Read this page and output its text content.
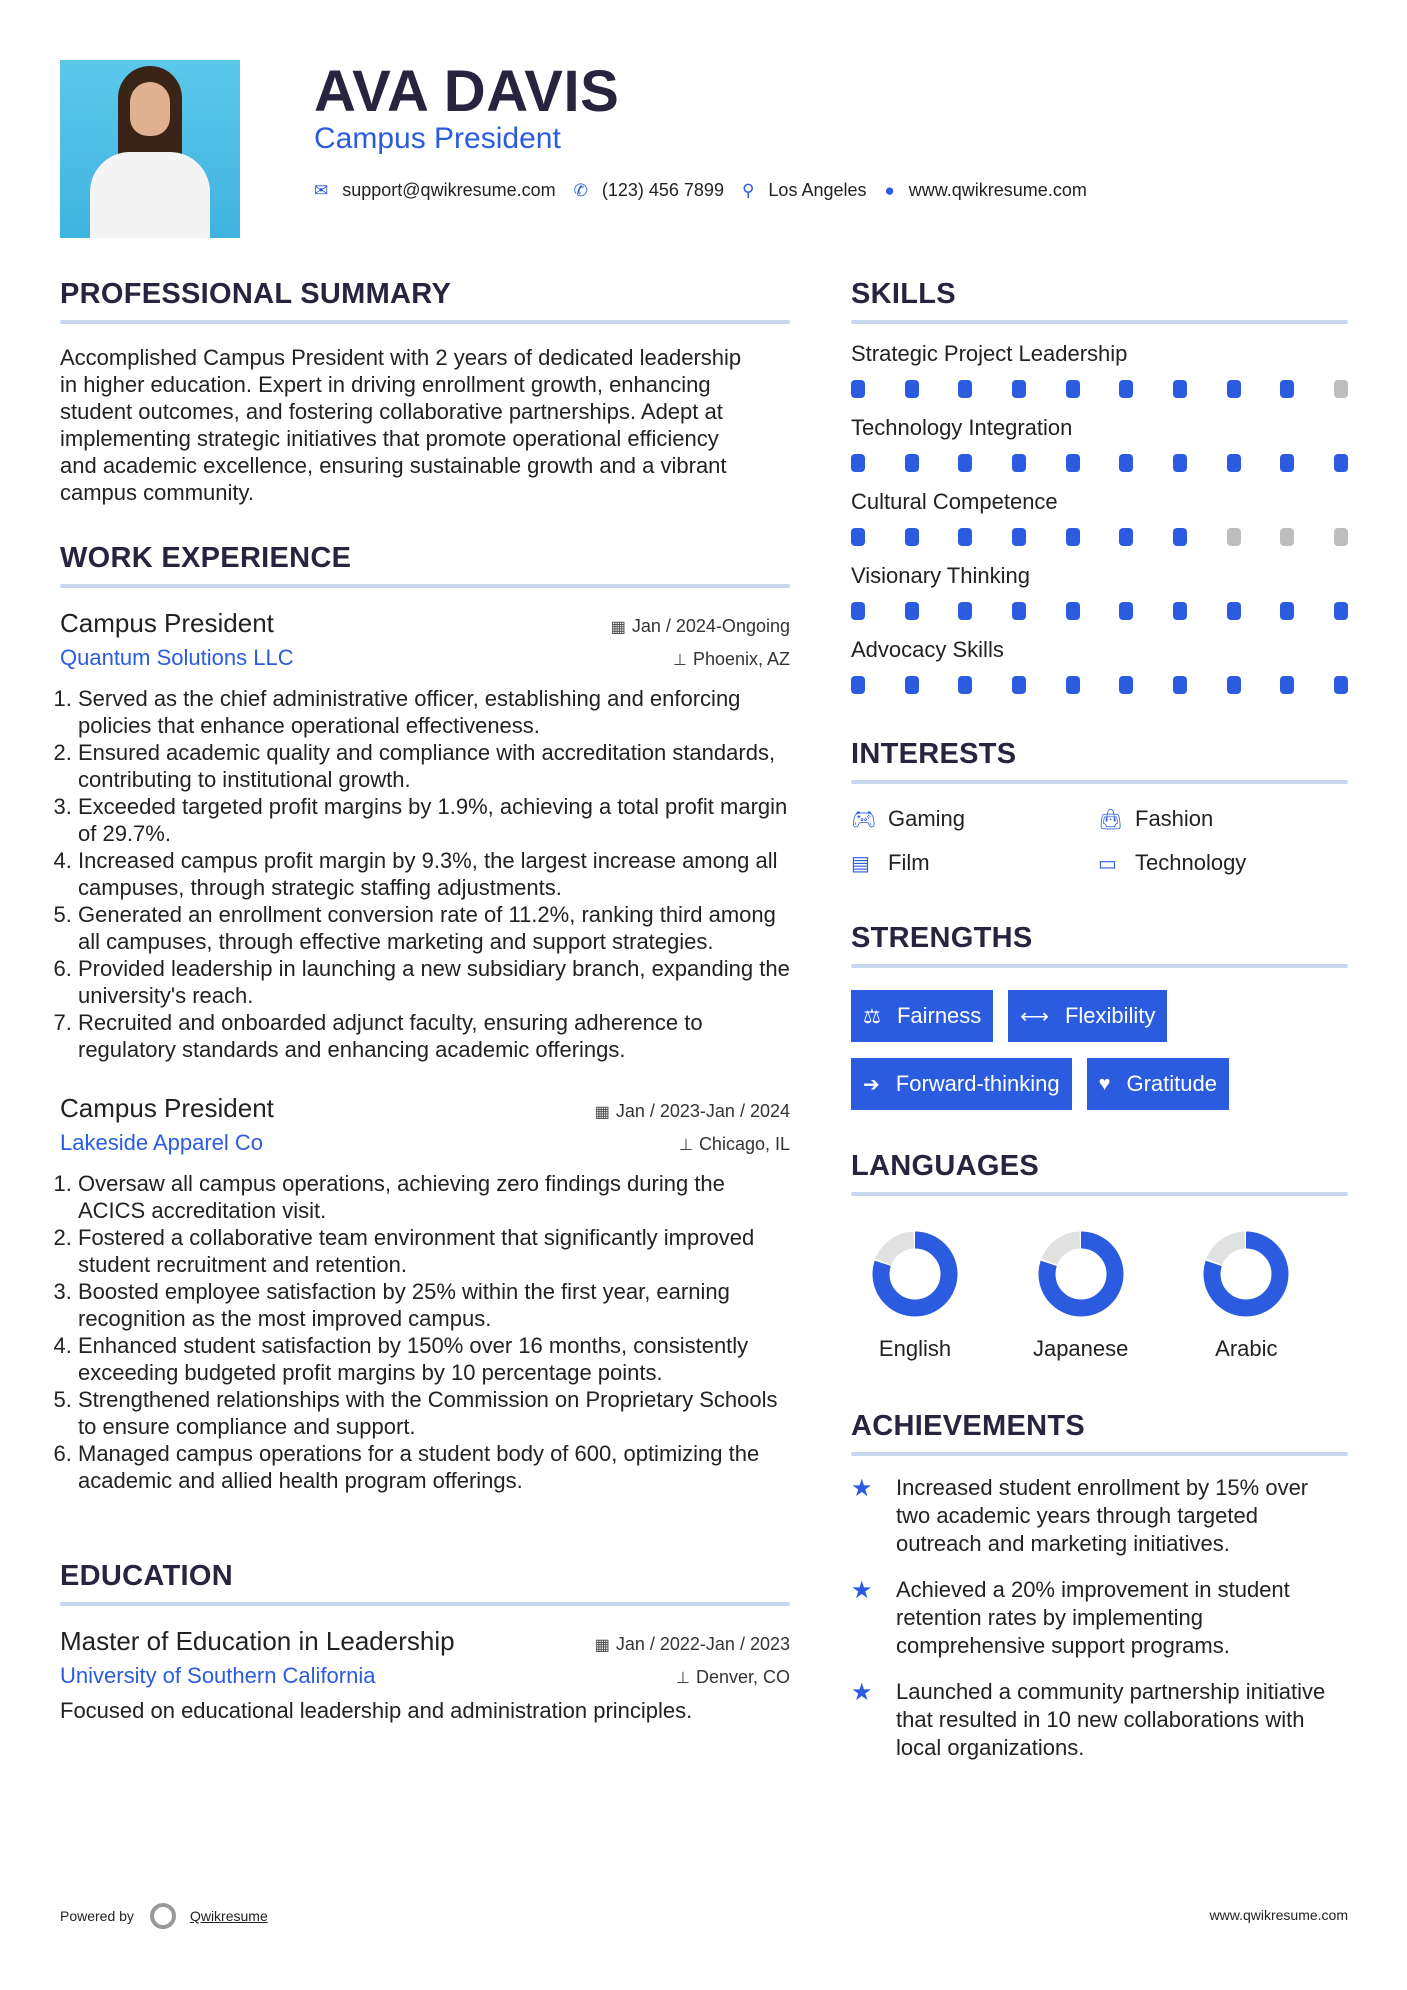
AVA DAVIS
Campus President
✉ support@qwikresume.com ✆ (123) 456 7899 ⚲ Los Angeles ● www.qwikresume.com
PROFESSIONAL SUMMARY

Accomplished Campus President with 2 years of dedicated leadership in higher education. Expert in driving enrollment growth, enhancing student outcomes, and fostering collaborative partnerships. Adept at implementing strategic initiatives that promote operational efficiency and academic excellence, ensuring sustainable growth and a vibrant campus community.

WORK EXPERIENCE
Campus President	▦ Jan / 2024-Ongoing
Quantum Solutions LLC	⊥ Phoenix, AZ
1. Served as the chief administrative officer, establishing and enforcing policies that enhance operational effectiveness.
2. Ensured academic quality and compliance with accreditation standards, contributing to institutional growth.
3. Exceeded targeted profit margins by 1.9%, achieving a total profit margin of 29.7%.
4. Increased campus profit margin by 9.3%, the largest increase among all campuses, through strategic staffing adjustments.
5. Generated an enrollment conversion rate of 11.2%, ranking third among all campuses, through effective marketing and support strategies.
6. Provided leadership in launching a new subsidiary branch, expanding the university's reach.
7. Recruited and onboarded adjunct faculty, ensuring adherence to regulatory standards and enhancing academic offerings.
Campus President	▦ Jan / 2023-Jan / 2024
Lakeside Apparel Co	⊥ Chicago, IL
1. Oversaw all campus operations, achieving zero findings during the ACICS accreditation visit.
2. Fostered a collaborative team environment that significantly improved student recruitment and retention.
3. Boosted employee satisfaction by 25% within the first year, earning recognition as the most improved campus.
4. Enhanced student satisfaction by 150% over 16 months, consistently exceeding budgeted profit margins by 10 percentage points.
5. Strengthened relationships with the Commission on Proprietary Schools to ensure compliance and support.
6. Managed campus operations for a student body of 600, optimizing the academic and allied health program offerings.
EDUCATION
Master of Education in Leadership	▦ Jan / 2022-Jan / 2023
University of Southern California	⊥ Denver, CO

Focused on educational leadership and administration principles.

SKILLS
Strategic Project Leadership
Technology Integration
Cultural Competence
Visionary Thinking
Advocacy Skills
INTERESTS
🎮︎ Gaming	👜︎ Fashion
▤ Film	▭ Technology
STRENGTHS
⚖ Fairness ⟷ Flexibility
➔ Forward-thinking ♥ Gratitude
LANGUAGES
English	Japanese	Arabic
ACHIEVEMENTS
★	Increased student enrollment by 15% over two academic years through targeted outreach and marketing initiatives.
★	Achieved a 20% improvement in student retention rates by implementing comprehensive support programs.
★	Launched a community partnership initiative that resulted in 10 new collaborations with local organizations.
Powered by	Qwikresume	www.qwikresume.com
